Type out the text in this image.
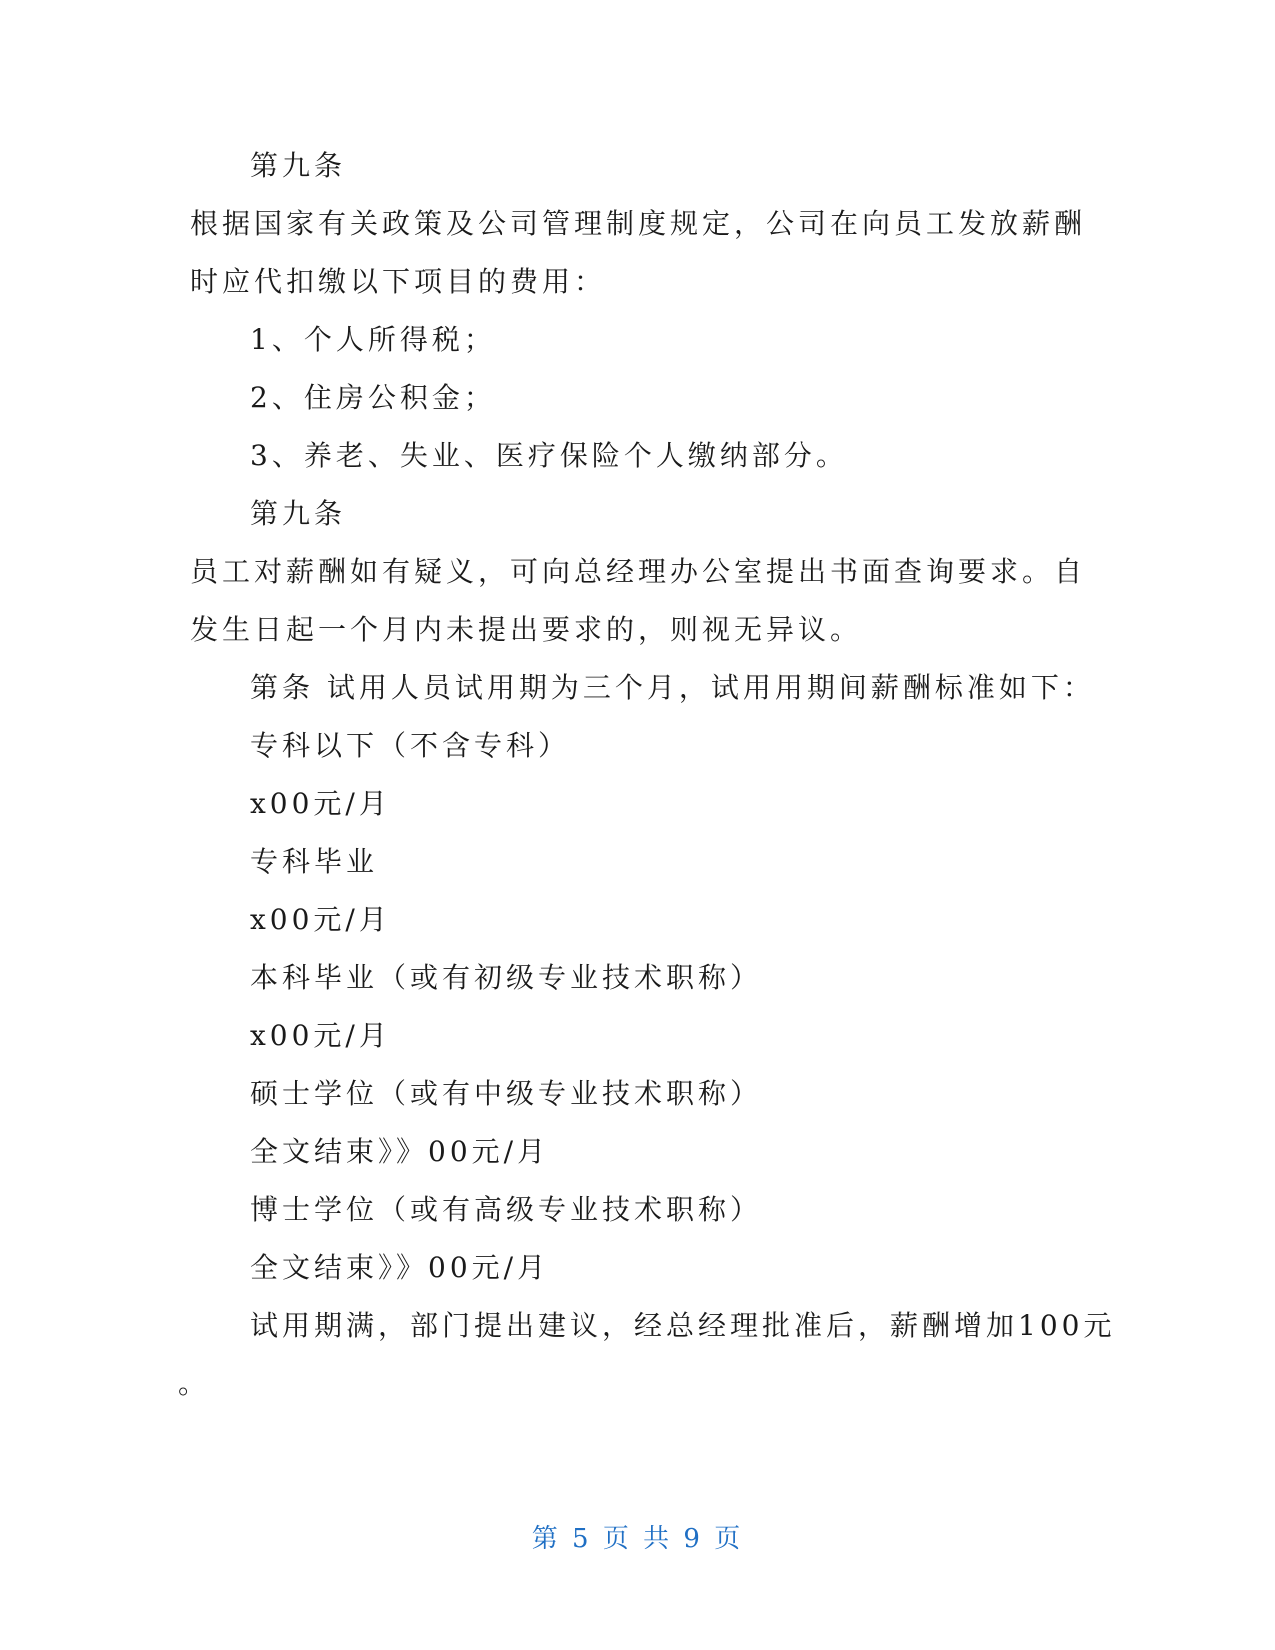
第九条
根据国家有关政策及公司管理制度规定，公司在向员工发放薪酬
时应代扣缴以下项目的费用：
1、个人所得税；
2、住房公积金；
3、养老、失业、医疗保险个人缴纳部分。
第九条
员工对薪酬如有疑义，可向总经理办公室提出书面查询要求。自
发生日起一个月内未提出要求的，则视无异议。
第条 试用人员试用期为三个月，试用用期间薪酬标准如下：
专科以下（不含专科）
x00元/月
专科毕业
x00元/月
本科毕业（或有初级专业技术职称）
x00元/月
硕士学位（或有中级专业技术职称）
全文结束》》00元/月
博士学位（或有高级专业技术职称）
全文结束》》00元/月
试用期满，部门提出建议，经总经理批准后，薪酬增加100元
。
第 5 页 共 9 页
